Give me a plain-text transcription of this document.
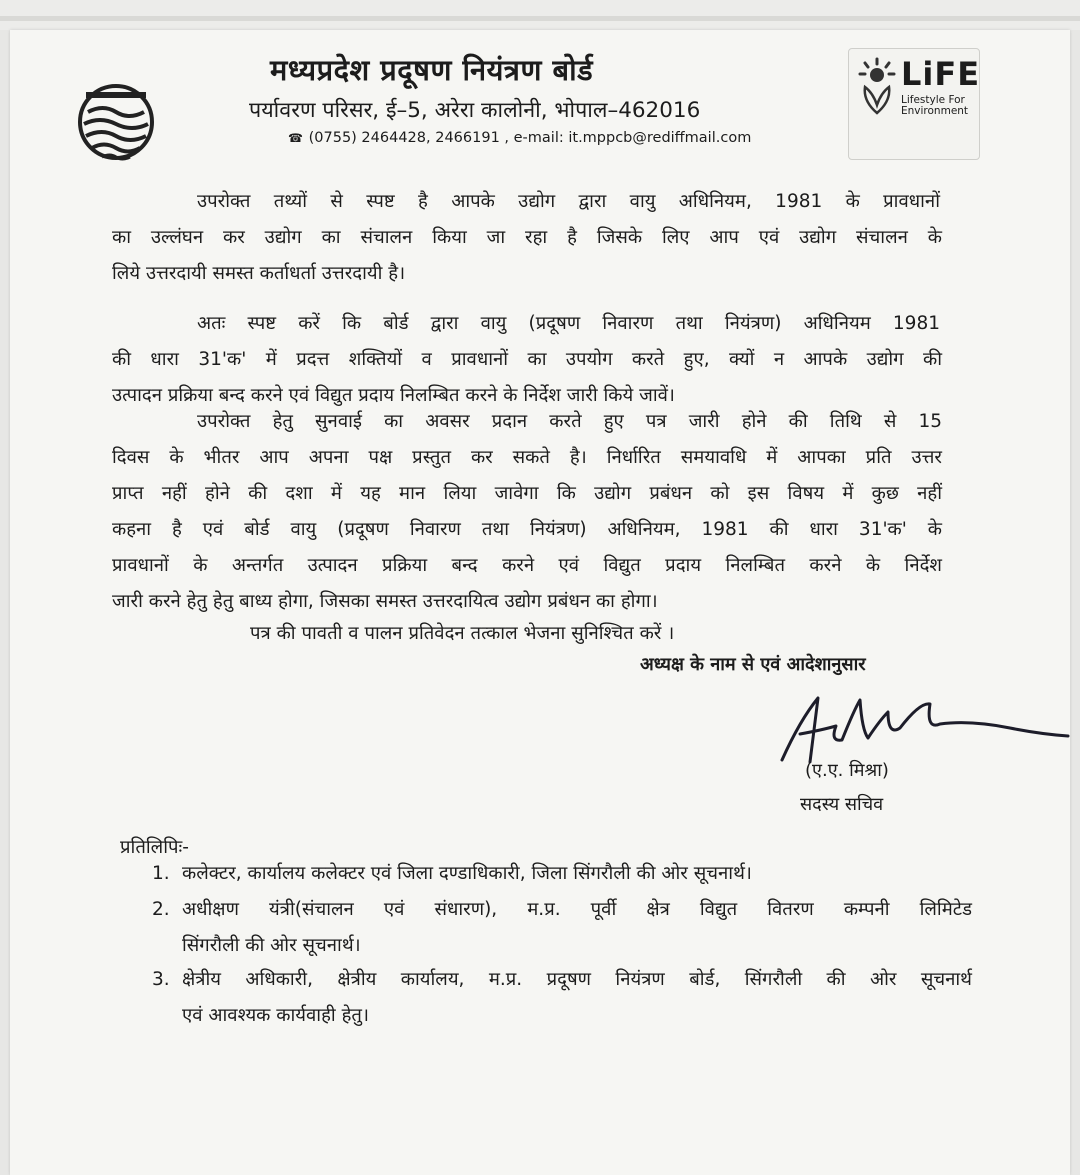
मध्यप्रदेश प्रदूषण नियंत्रण बोर्ड
पर्यावरण परिसर, ई–5, अरेरा कालोनी, भोपाल–462016
☎ (0755) 2464428, 2466191 , e-mail: it.mppcb@rediffmail.com
LiFE
Lifestyle For Environment
उपरोक्त तथ्यों से स्पष्ट है आपके उद्योग द्वारा वायु अधिनियम, 1981 के प्रावधानों
का उल्लंघन कर उद्योग का संचालन किया जा रहा है जिसके लिए आप एवं उद्योग संचालन के
लिये उत्तरदायी समस्त कर्ताधर्ता उत्तरदायी है।
अतः स्पष्ट करें कि बोर्ड द्वारा वायु (प्रदूषण निवारण तथा नियंत्रण) अधिनियम 1981
की धारा 31'क' में प्रदत्त शक्तियों व प्रावधानों का उपयोग करते हुए, क्यों न आपके उद्योग की
उत्पादन प्रक्रिया बन्द करने एवं विद्युत प्रदाय निलम्बित करने के निर्देश जारी किये जावें।
उपरोक्त हेतु सुनवाई का अवसर प्रदान करते हुए पत्र जारी होने की तिथि से 15
दिवस के भीतर आप अपना पक्ष प्रस्तुत कर सकते है। निर्धारित समयावधि में आपका प्रति उत्तर
प्राप्त नहीं होने की दशा में यह मान लिया जावेगा कि उद्योग प्रबंधन को इस विषय में कुछ नहीं
कहना है एवं बोर्ड वायु (प्रदूषण निवारण तथा नियंत्रण) अधिनियम, 1981 की धारा 31'क' के
प्रावधानों के अन्तर्गत उत्पादन प्रक्रिया बन्द करने एवं विद्युत प्रदाय निलम्बित करने के निर्देश
जारी करने हेतु हेतु बाध्य होगा, जिसका समस्त उत्तरदायित्व उद्योग प्रबंधन का होगा।
पत्र की पावती व पालन प्रतिवेदन तत्काल भेजना सुनिश्चित करें ।
अध्यक्ष के नाम से एवं आदेशानुसार
(ए.ए. मिश्रा)
सदस्य सचिव
प्रतिलिपिः-
1. कलेक्टर, कार्यालय कलेक्टर एवं जिला दण्डाधिकारी, जिला सिंगरौली की ओर सूचनार्थ।
2. अधीक्षण यंत्री(संचालन एवं संधारण), म.प्र. पूर्वी क्षेत्र विद्युत वितरण कम्पनी लिमिटेड
सिंगरौली की ओर सूचनार्थ।
3. क्षेत्रीय अधिकारी, क्षेत्रीय कार्यालय, म.प्र. प्रदूषण नियंत्रण बोर्ड, सिंगरौली की ओर सूचनार्थ
एवं आवश्यक कार्यवाही हेतु।
